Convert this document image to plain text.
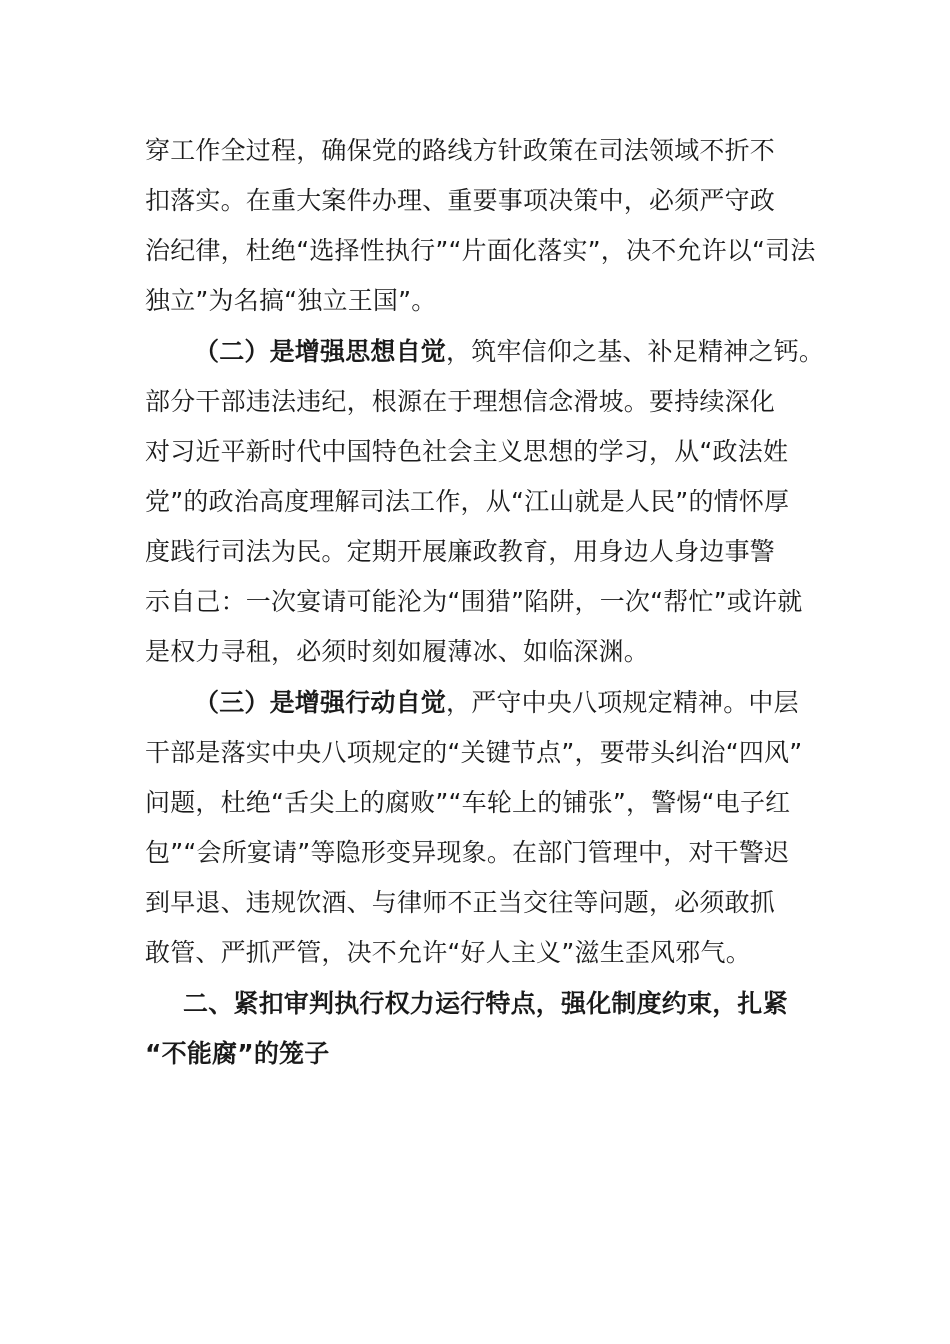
穿工作全过程，确保党的路线方针政策在司法领域不折不
扣落实。在重大案件办理、重要事项决策中，必须严守政
治纪律，杜绝“选择性执行”“片面化落实”，决不允许以“司法
独立”为名搞“独立王国”。
（二）是增强思想自觉，筑牢信仰之基、补足精神之钙。
部分干部违法违纪，根源在于理想信念滑坡。要持续深化
对习近平新时代中国特色社会主义思想的学习，从“政法姓
党”的政治高度理解司法工作，从“江山就是人民”的情怀厚
度践行司法为民。定期开展廉政教育，用身边人身边事警
示自己：一次宴请可能沦为“围猎”陷阱，一次“帮忙”或许就
是权力寻租，必须时刻如履薄冰、如临深渊。
（三）是增强行动自觉，严守中央八项规定精神。中层
干部是落实中央八项规定的“关键节点”，要带头纠治“四风”
问题，杜绝“舌尖上的腐败”“车轮上的铺张”，警惕“电子红
包”“会所宴请”等隐形变异现象。在部门管理中，对干警迟
到早退、违规饮酒、与律师不正当交往等问题，必须敢抓
敢管、严抓严管，决不允许“好人主义”滋生歪风邪气。
二、紧扣审判执行权力运行特点，强化制度约束，扎紧
“不能腐”的笼子
